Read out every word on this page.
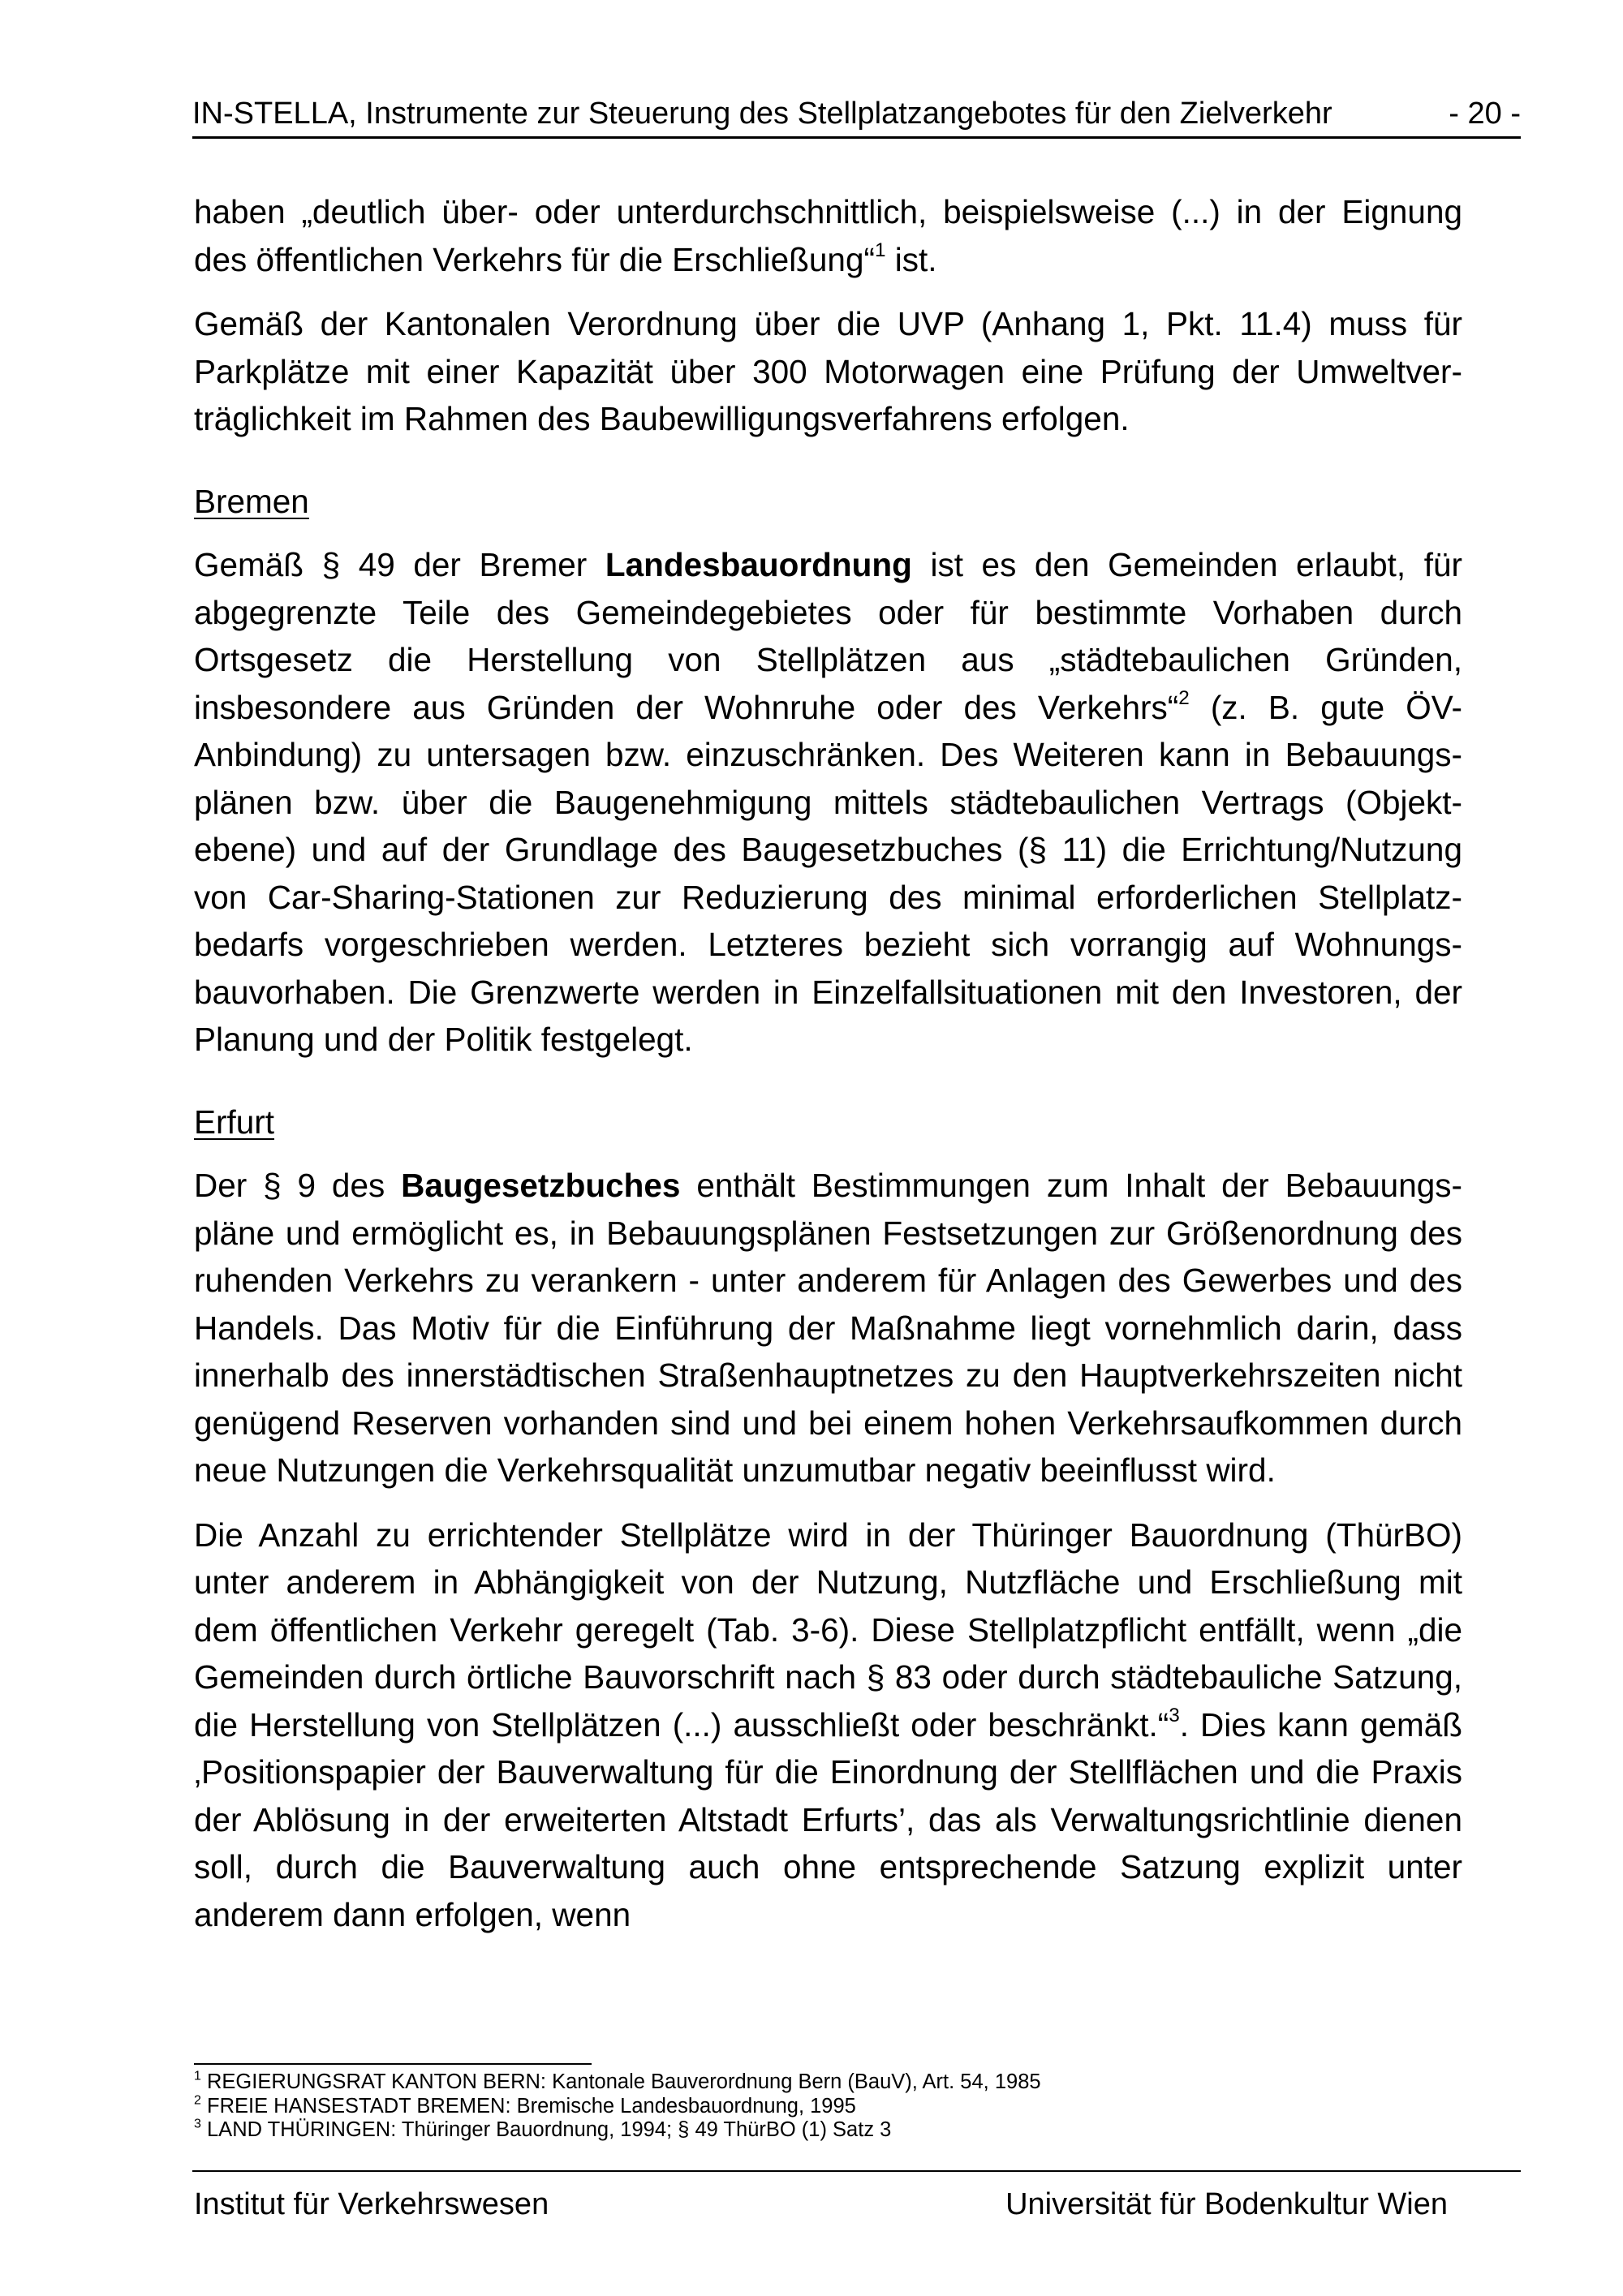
IN-STELLA, Instrumente zur Steuerung des Stellplatzangebotes für den Zielverkehr	- 20 -

haben „deutlich über- oder unterdurchschnittlich, beispielsweise (...) in der Eignung
des öffentlichen Verkehrs für die Erschließung“$^1$ ist.

Gemäß der Kantonalen Verordnung über die UVP (Anhang 1, Pkt. 11.4) muss für
Parkplätze mit einer Kapazität über 300 Motorwagen eine Prüfung der Umweltver-
träglichkeit im Rahmen des Baubewilligungsverfahrens erfolgen.

Bremen

Gemäß § 49 der Bremer Landesbauordnung ist es den Gemeinden erlaubt, für
abgegrenzte Teile des Gemeindegebietes oder für bestimmte Vorhaben durch
Ortsgesetz die Herstellung von Stellplätzen aus „städtebaulichen Gründen,
insbesondere aus Gründen der Wohnruhe oder des Verkehrs“$^2$ (z. B. gute ÖV-
Anbindung) zu untersagen bzw. einzuschränken. Des Weiteren kann in Bebauungs-
plänen bzw. über die Baugenehmigung mittels städtebaulichen Vertrags (Objekt-
ebene) und auf der Grundlage des Baugesetzbuches (§ 11) die Errichtung/Nutzung
von Car-Sharing-Stationen zur Reduzierung des minimal erforderlichen Stellplatz-
bedarfs vorgeschrieben werden. Letzteres bezieht sich vorrangig auf Wohnungs-
bauvorhaben. Die Grenzwerte werden in Einzelfallsituationen mit den Investoren, der
Planung und der Politik festgelegt.

Erfurt

Der § 9 des Baugesetzbuches enthält Bestimmungen zum Inhalt der Bebauungs-
pläne und ermöglicht es, in Bebauungsplänen Festsetzungen zur Größenordnung des
ruhenden Verkehrs zu verankern - unter anderem für Anlagen des Gewerbes und des
Handels. Das Motiv für die Einführung der Maßnahme liegt vornehmlich darin, dass
innerhalb des innerstädtischen Straßenhauptnetzes zu den Hauptverkehrszeiten nicht
genügend Reserven vorhanden sind und bei einem hohen Verkehrsaufkommen durch
neue Nutzungen die Verkehrsqualität unzumutbar negativ beeinflusst wird.

Die Anzahl zu errichtender Stellplätze wird in der Thüringer Bauordnung (ThürBO)
unter anderem in Abhängigkeit von der Nutzung, Nutzfläche und Erschließung mit
dem öffentlichen Verkehr geregelt (Tab. 3-6). Diese Stellplatzpflicht entfällt, wenn „die
Gemeinden durch örtliche Bauvorschrift nach § 83 oder durch städtebauliche Satzung,
die Herstellung von Stellplätzen (...) ausschließt oder beschränkt.“$^3$. Dies kann gemäß
‚Positionspapier der Bauverwaltung für die Einordnung der Stellflächen und die Praxis
der Ablösung in der erweiterten Altstadt Erfurts’, das als Verwaltungsrichtlinie dienen
soll, durch die Bauverwaltung auch ohne entsprechende Satzung explizit unter
anderem dann erfolgen, wenn

$^1$ REGIERUNGSRAT KANTON BERN: Kantonale Bauverordnung Bern (BauV), Art. 54, 1985
$^2$ FREIE HANSESTADT BREMEN: Bremische Landesbauordnung, 1995
$^3$ LAND THÜRINGEN: Thüringer Bauordnung, 1994; § 49 ThürBO (1) Satz 3
Institut für Verkehrswesen	Universität für Bodenkultur Wien
